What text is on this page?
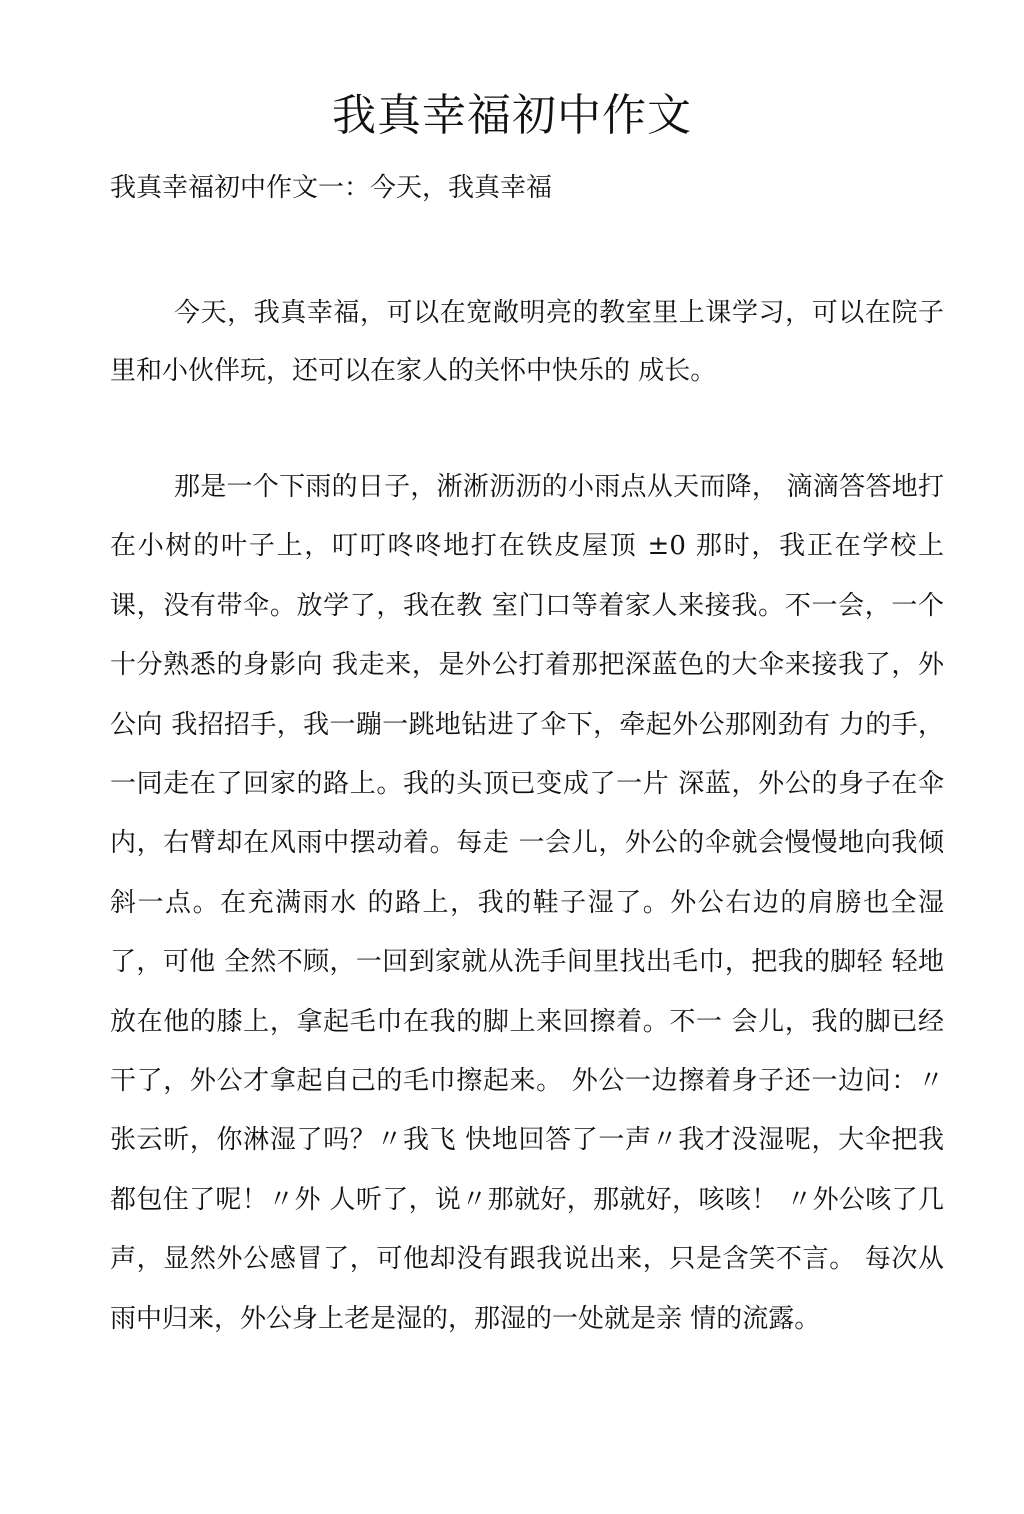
我真幸福初中作文

我真幸福初中作文一：今天，我真幸福

今天，我真幸福，可以在宽敞明亮的教室里上课学习，可以在院子里和小伙伴玩，还可以在家人的关怀中快乐的 成长。

那是一个下雨的日子，淅淅沥沥的小雨点从天而降， 滴滴答答地打在小树的叶子上，叮叮咚咚地打在铁皮屋顶 ±0 那时，我正在学校上课，没有带伞。放学了，我在教 室门口等着家人来接我。不一会，一个十分熟悉的身影向 我走来，是外公打着那把深蓝色的大伞来接我了，外公向 我招招手，我一蹦一跳地钻进了伞下，牵起外公那刚劲有 力的手，一同走在了回家的路上。我的头顶已变成了一片 深蓝，外公的身子在伞内，右臂却在风雨中摆动着。每走 一会儿，外公的伞就会慢慢地向我倾斜一点。在充满雨水 的路上，我的鞋子湿了。外公右边的肩膀也全湿了，可他 全然不顾，一回到家就从洗手间里找出毛巾，把我的脚轻 轻地放在他的膝上，拿起毛巾在我的脚上来回擦着。不一 会儿，我的脚已经干了，外公才拿起自己的毛巾擦起来。 外公一边擦着身子还一边问：〃张云昕，你淋湿了吗？〃我飞 快地回答了一声〃我才没湿呢，大伞把我都包住了呢！〃外 人听了，说〃那就好，那就好，咳咳！ 〃外公咳了几声，显然外公感冒了，可他却没有跟我说出来，只是含笑不言。 每次从雨中归来，外公身上老是湿的，那湿的一处就是亲 情的流露。
